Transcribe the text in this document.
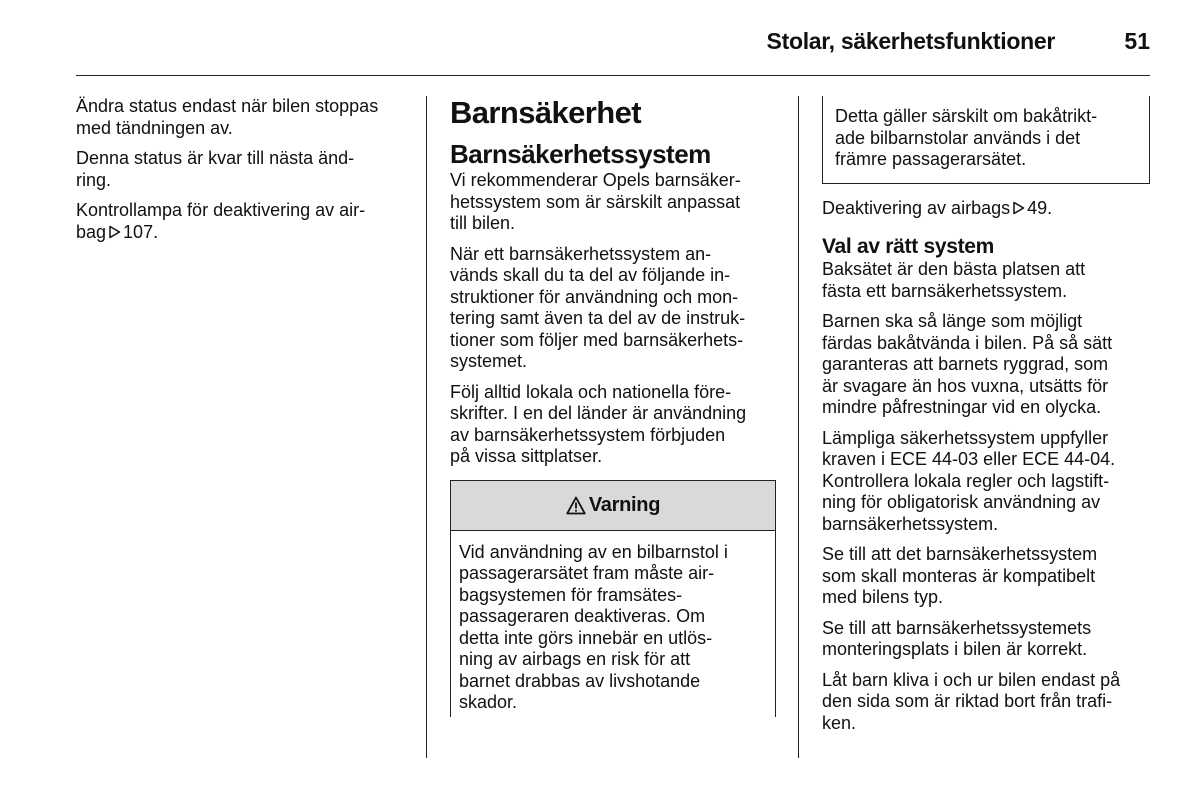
Stolar, säkerhetsfunktioner	51

Ändra status endast när bilen stoppas
med tändningen av.

Denna status är kvar till nästa änd-
ring.

Kontrollampa för deaktivering av air-
bag 107.

Barnsäkerhet
Barnsäkerhetssystem

Vi rekommenderar Opels barnsäker-
hetssystem som är särskilt anpassat
till bilen.

När ett barnsäkerhetssystem an-
vänds skall du ta del av följande in-
struktioner för användning och mon-
tering samt även ta del av de instruk-
tioner som följer med barnsäkerhets-
systemet.

Följ alltid lokala och nationella före-
skrifter. I en del länder är användning
av barnsäkerhetssystem förbjuden
på vissa sittplatser.

Varning

Vid användning av en bilbarnstol i
passagerarsätet fram måste air-
bagsystemen för framsätes-
passageraren deaktiveras. Om
detta inte görs innebär en utlös-
ning av airbags en risk för att
barnet drabbas av livshotande
skador.

Detta gäller särskilt om bakåtrikt-
ade bilbarnstolar används i det
främre passagerarsätet.

Deaktivering av airbags 49.

Val av rätt system

Baksätet är den bästa platsen att
fästa ett barnsäkerhetssystem.

Barnen ska så länge som möjligt
färdas bakåtvända i bilen. På så sätt
garanteras att barnets ryggrad, som
är svagare än hos vuxna, utsätts för
mindre påfrestningar vid en olycka.

Lämpliga säkerhetssystem uppfyller
kraven i ECE 44-03 eller ECE 44-04.
Kontrollera lokala regler och lagstift-
ning för obligatorisk användning av
barnsäkerhetssystem.

Se till att det barnsäkerhetssystem
som skall monteras är kompatibelt
med bilens typ.

Se till att barnsäkerhetssystemets
monteringsplats i bilen är korrekt.

Låt barn kliva i och ur bilen endast på
den sida som är riktad bort från trafi-
ken.
